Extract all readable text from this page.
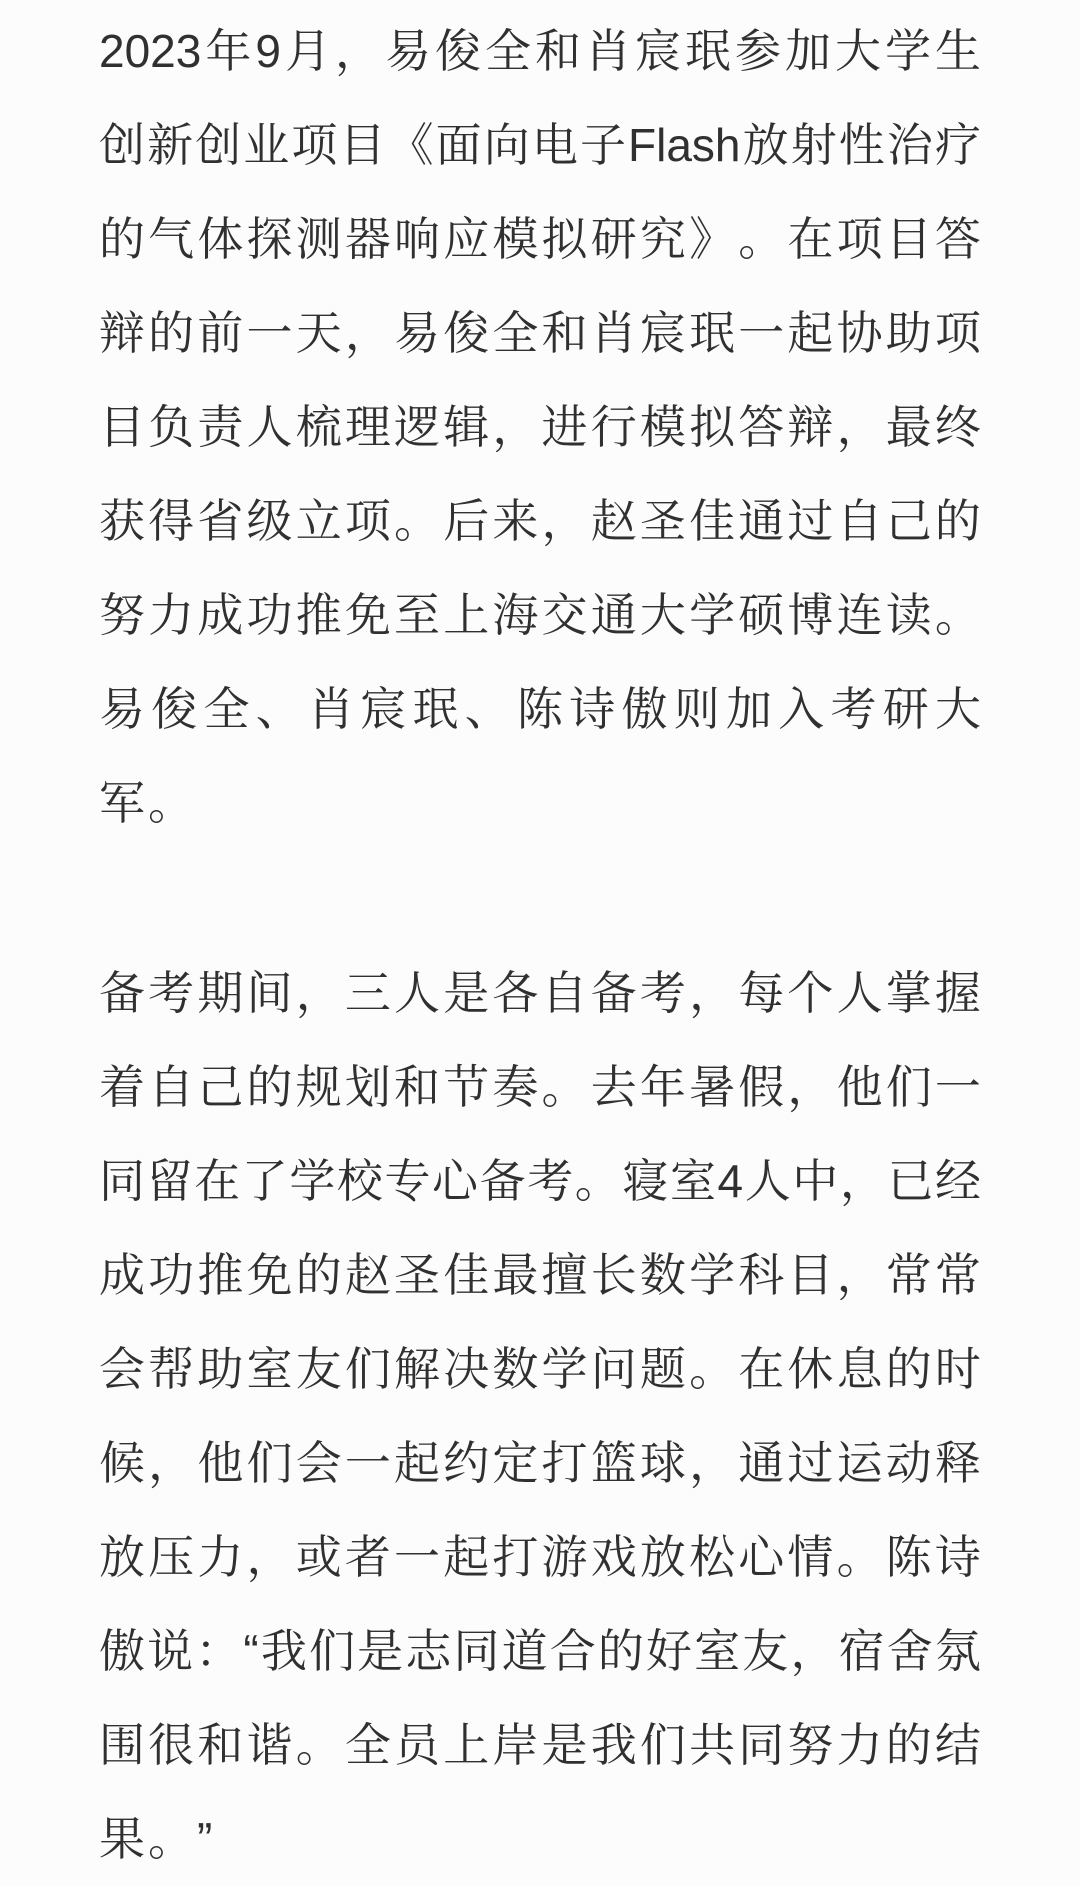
2023 年 9 月 ， 易 俊 全 和 肖 宸 珉 参 加 大 学 生
创 新 创 业 项 目 《 面 向 电 子 Flash 放 射 性 治 疗
的 气 体 探 测 器 响 应 模 拟 研 究 》 。 在 项 目 答
辩 的 前 一 天 ， 易 俊 全 和 肖 宸 珉 一 起 协 助 项
目 负 责 人 梳 理 逻 辑 ， 进 行 模 拟 答 辩 ， 最 终
获 得 省 级 立 项 。 后 来 ， 赵 圣 佳 通 过 自 己 的
努 力 成 功 推 免 至 上 海 交 通 大 学 硕 博 连 读 。
易 俊 全 、 肖 宸 珉 、 陈 诗 傲 则 加 入 考 研 大
军 。
备 考 期 间 ， 三 人 是 各 自 备 考 ， 每 个 人 掌 握
着 自 己 的 规 划 和 节 奏 。 去 年 暑 假 ， 他 们 一
同 留 在 了 学 校 专 心 备 考 。 寝 室 4 人 中 ， 已 经
成 功 推 免 的 赵 圣 佳 最 擅 长 数 学 科 目 ， 常 常
会 帮 助 室 友 们 解 决 数 学 问 题 。 在 休 息 的 时
候 ， 他 们 会 一 起 约 定 打 篮 球 ， 通 过 运 动 释
放 压 力 ， 或 者 一 起 打 游 戏 放 松 心 情 。 陈 诗
傲 说 ： “ 我 们 是 志 同 道 合 的 好 室 友 ， 宿 舍 氛
围 很 和 谐 。 全 员 上 岸 是 我 们 共 同 努 力 的 结
果 。 ”
